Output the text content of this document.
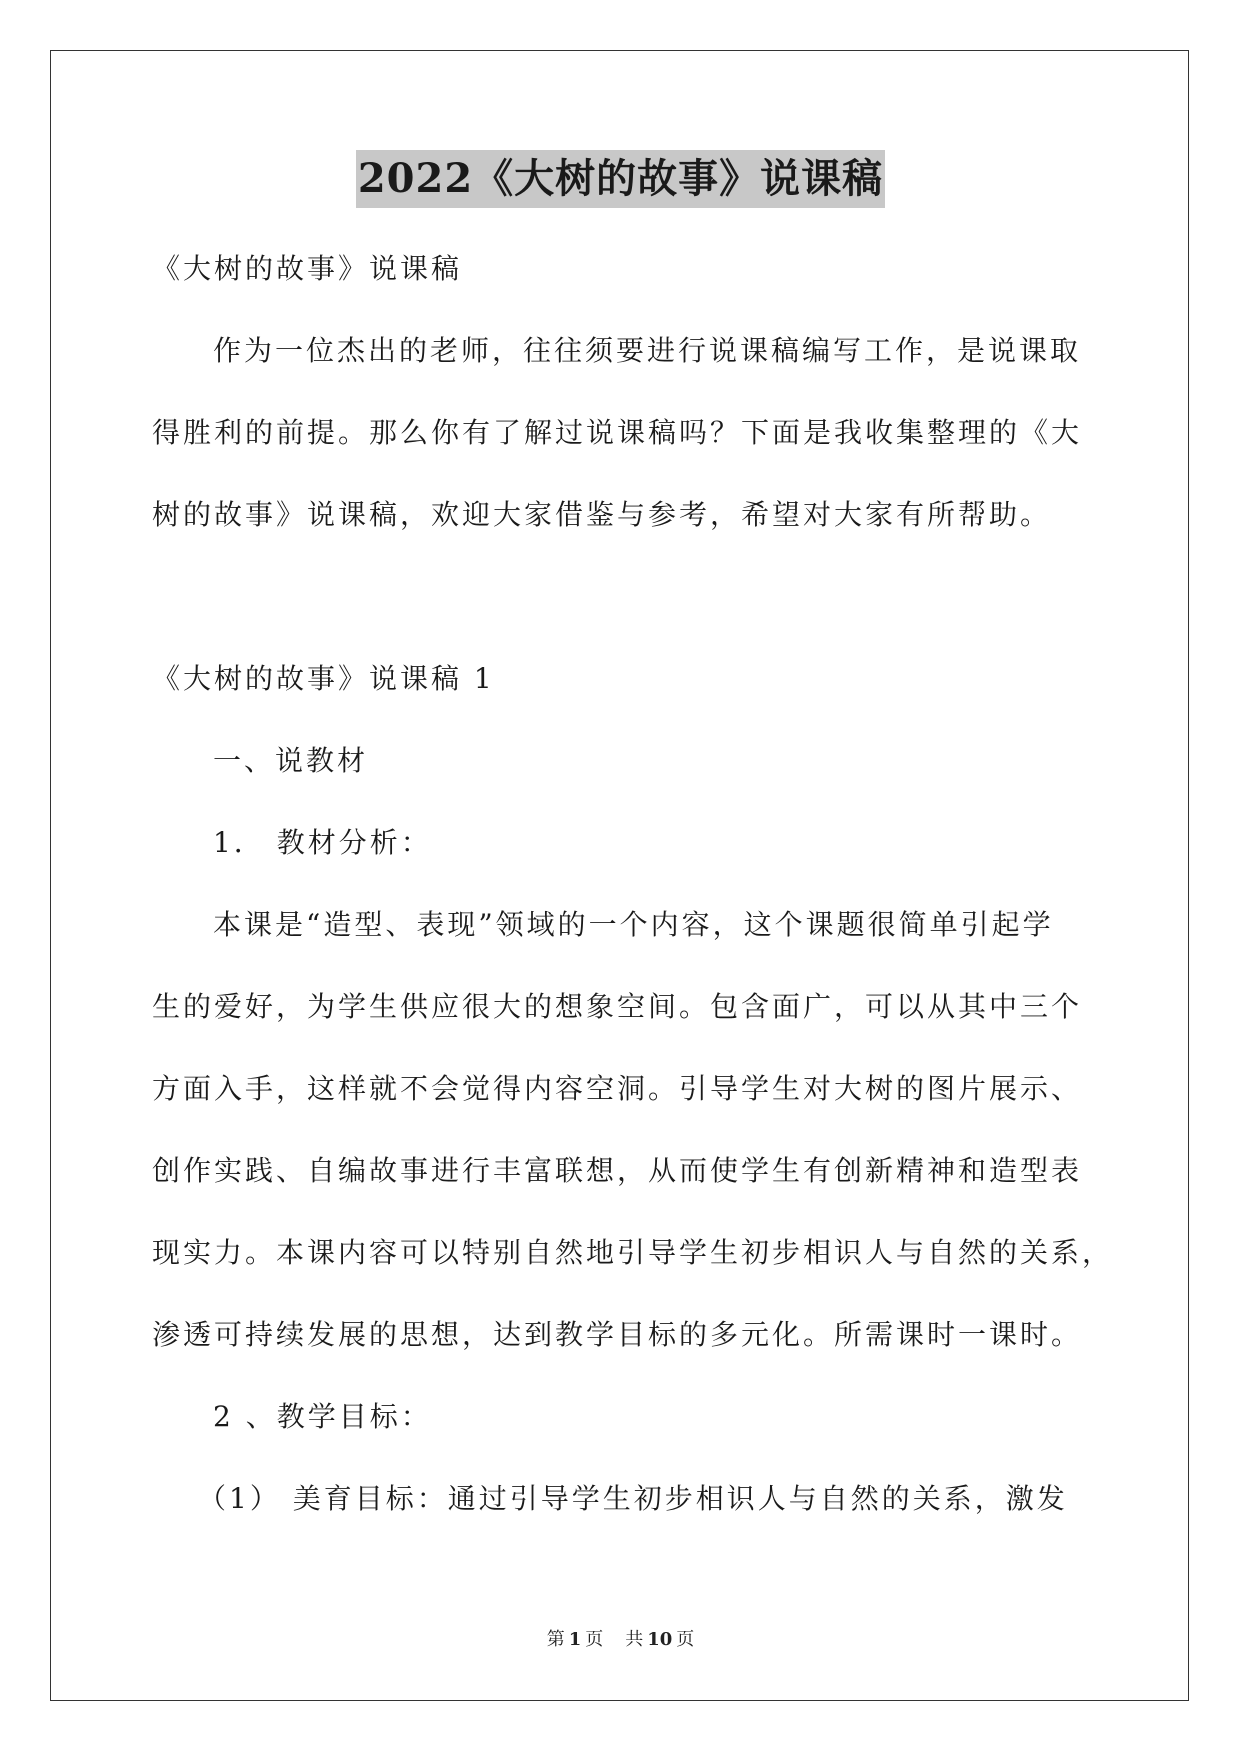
2022《大树的故事》说课稿
《大树的故事》说课稿
作为一位杰出的老师，往往须要进行说课稿编写工作，是说课取
得胜利的前提。那么你有了解过说课稿吗？下面是我收集整理的《大
树的故事》说课稿，欢迎大家借鉴与参考，希望对大家有所帮助。
《大树的故事》说课稿 1
一、说教材
1． 教材分析：
本课是“造型、表现”领域的一个内容，这个课题很简单引起学
生的爱好，为学生供应很大的想象空间。包含面广，可以从其中三个
方面入手，这样就不会觉得内容空洞。引导学生对大树的图片展示、
创作实践、自编故事进行丰富联想，从而使学生有创新精神和造型表
现实力。本课内容可以特别自然地引导学生初步相识人与自然的关系，
渗透可持续发展的思想，达到教学目标的多元化。所需课时一课时。
2 、教学目标：
（1） 美育目标：通过引导学生初步相识人与自然的关系，激发
第 1 页 共 10 页
